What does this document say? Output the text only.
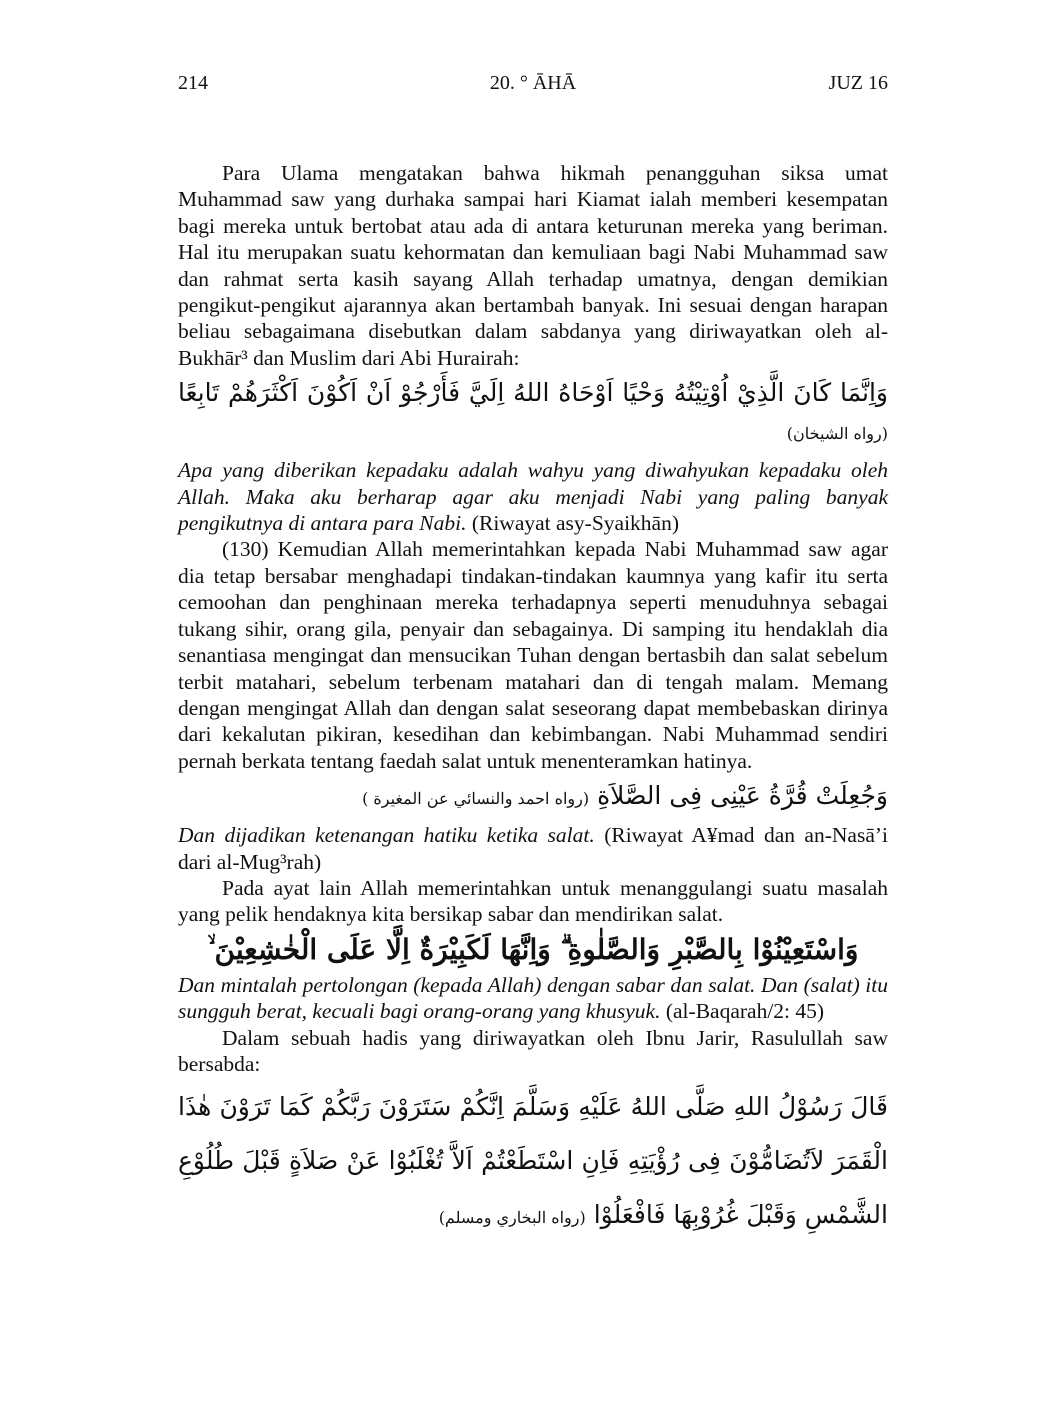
214	20. ° ĀHĀ	JUZ 16

Para Ulama mengatakan bahwa hikmah penangguhan siksa umat Muhammad saw yang durhaka sampai hari Kiamat ialah memberi kesempatan bagi mereka untuk bertobat atau ada di antara keturunan mereka yang beriman. Hal itu merupakan suatu kehormatan dan kemuliaan bagi Nabi Muhammad saw dan rahmat serta kasih sayang Allah terhadap umatnya, dengan demikian pengikut-pengikut ajarannya akan bertambah banyak. Ini sesuai dengan harapan beliau sebagaimana disebutkan dalam sabdanya yang diriwayatkan oleh al-Bukhār³ dan Muslim dari Abi Hurairah:

وَاِنَّمَا كَانَ الَّذِيْ اُوْتِيْتُهُ وَحْيًا اَوْحَاهُ اللهُ اِلَيَّ فَأَرْجُوْ اَنْ اَكُوْنَ اَكْثَرَهُمْ تَابِعًا (رواه الشيخان)

Apa yang diberikan kepadaku adalah wahyu yang diwahyukan kepadaku oleh Allah. Maka aku berharap agar aku menjadi Nabi yang paling banyak pengikutnya di antara para Nabi. (Riwayat asy-Syaikhān)

(130) Kemudian Allah memerintahkan kepada Nabi Muhammad saw agar dia tetap bersabar menghadapi tindakan-tindakan kaumnya yang kafir itu serta cemoohan dan penghinaan mereka terhadapnya seperti menuduhnya sebagai tukang sihir, orang gila, penyair dan sebagainya. Di samping itu hendaklah dia senantiasa mengingat dan mensucikan Tuhan dengan bertasbih dan salat sebelum terbit matahari, sebelum terbenam matahari dan di tengah malam. Memang dengan mengingat Allah dan dengan salat seseorang dapat membebaskan dirinya dari kekalutan pikiran, kesedihan dan kebimbangan. Nabi Muhammad sendiri pernah berkata tentang faedah salat untuk menenteramkan hatinya.

وَجُعِلَتْ قُرَّةُ عَيْنِى فِى الصَّلاَةِ (رواه احمد والنسائي عن المغيرة )

Dan dijadikan ketenangan hatiku ketika salat. (Riwayat A¥mad dan an-Nasā’i dari al-Mug³rah)

Pada ayat lain Allah memerintahkan untuk menanggulangi suatu masalah yang pelik hendaknya kita bersikap sabar dan mendirikan salat.

وَاسْتَعِيْنُوْا بِالصَّبْرِ وَالصَّلٰوةِ ۗ وَاِنَّهَا لَكَبِيْرَةٌ اِلَّا عَلَى الْخٰشِعِيْنَ ۙ

Dan mintalah pertolongan (kepada Allah) dengan sabar dan salat. Dan (salat) itu sungguh berat, kecuali bagi orang-orang yang khusyuk. (al-Baqarah/2: 45)

Dalam sebuah hadis yang diriwayatkan oleh Ibnu Jarir, Rasulullah saw bersabda:

قَالَ رَسُوْلُ اللهِ صَلَّى اللهُ عَلَيْهِ وَسَلَّمَ اِنَّكُمْ سَتَرَوْنَ رَبَّكُمْ كَمَا تَرَوْنَ هٰذَا الْقَمَرَ لاَتُضَامُّوْنَ فِى رُؤْيَتِهِ فَاِنِ اسْتَطَعْتُمْ اَلاَّ تُغْلَبُوْا عَنْ صَلاَةٍ قَبْلَ طُلُوْعِ الشَّمْسِ وَقَبْلَ غُرُوْبِهَا فَافْعَلُوْا (رواه البخاري ومسلم)
